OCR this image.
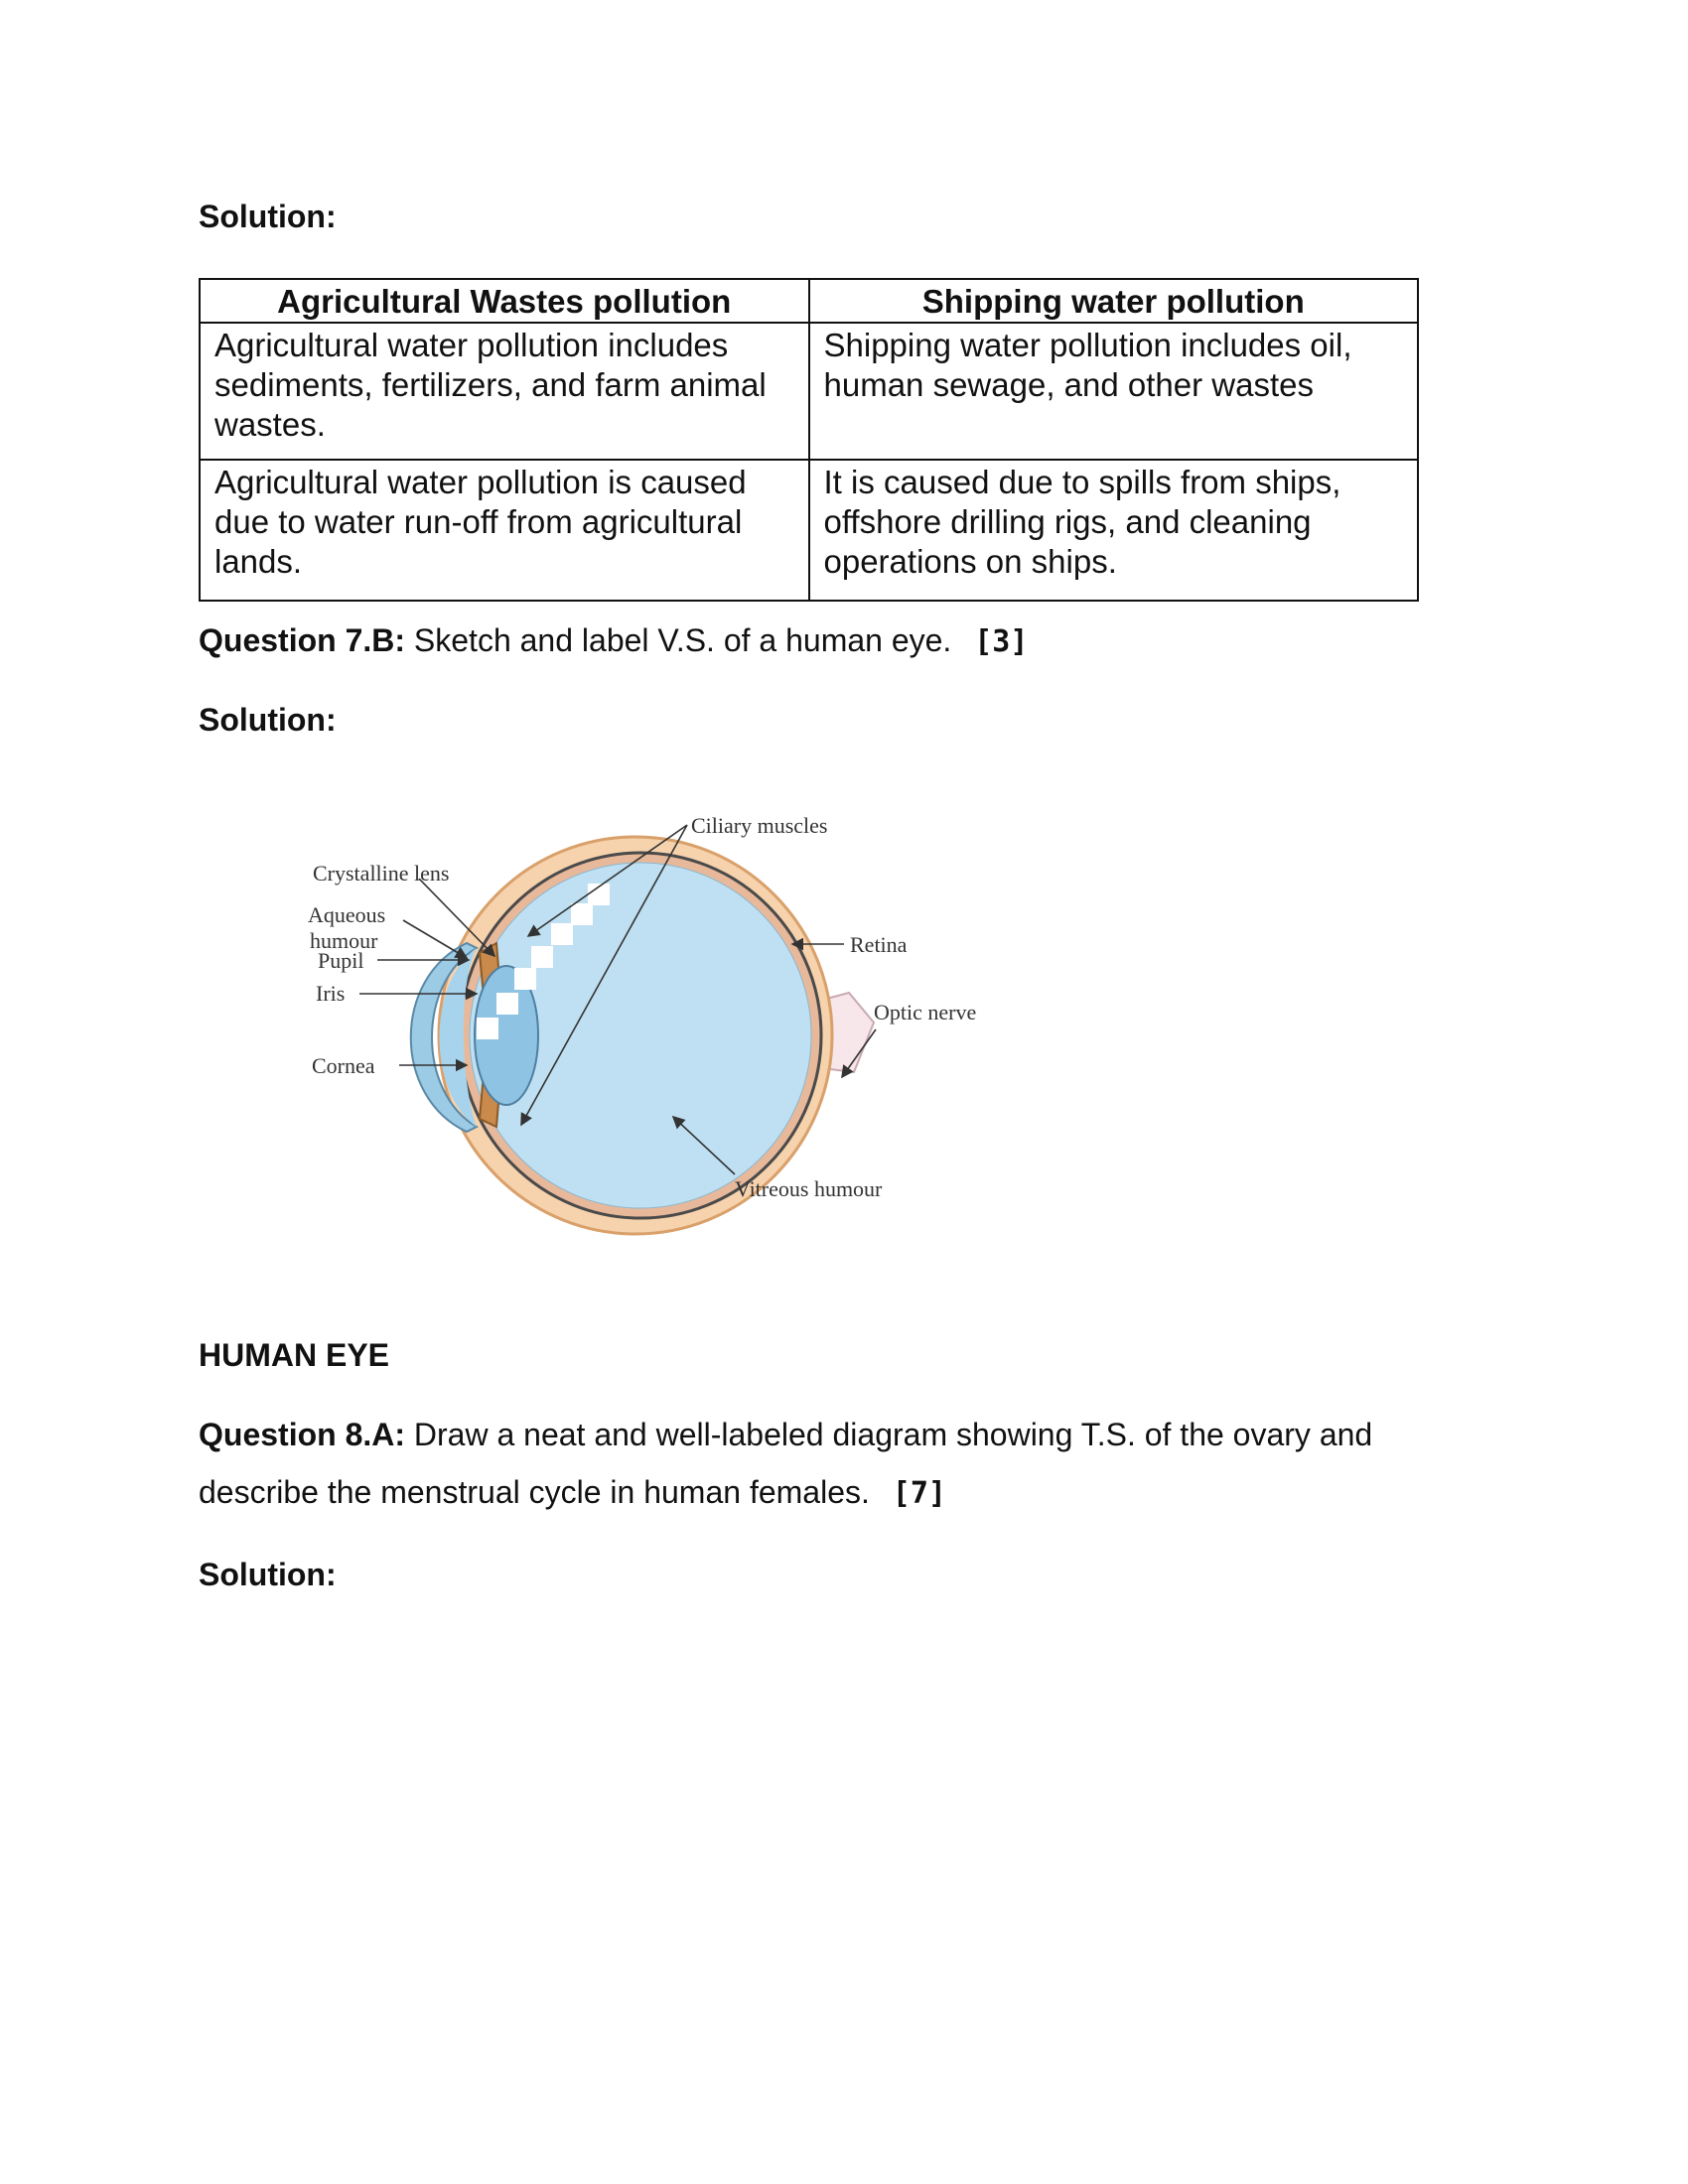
Solution:
Agricultural Wastes pollution	Shipping water pollution
Agricultural water pollution includes sediments, fertilizers, and farm animal wastes.	Shipping water pollution includes oil, human sewage, and other wastes
Agricultural water pollution is caused due to water run-off from agricultural lands.	It is caused due to spills from ships, offshore drilling rigs, and cleaning operations on ships.
Question 7.B: Sketch and label V.S. of a human eye. [3]
Solution:
Ciliary muscles
Crystalline lens
Aqueous
humour
Pupil
Iris
Cornea
Retina
Optic nerve
Vitreous humour
HUMAN EYE
Question 8.A: Draw a neat and well-labeled diagram showing T.S. of the ovary and describe the menstrual cycle in human females. [7]
Solution:
